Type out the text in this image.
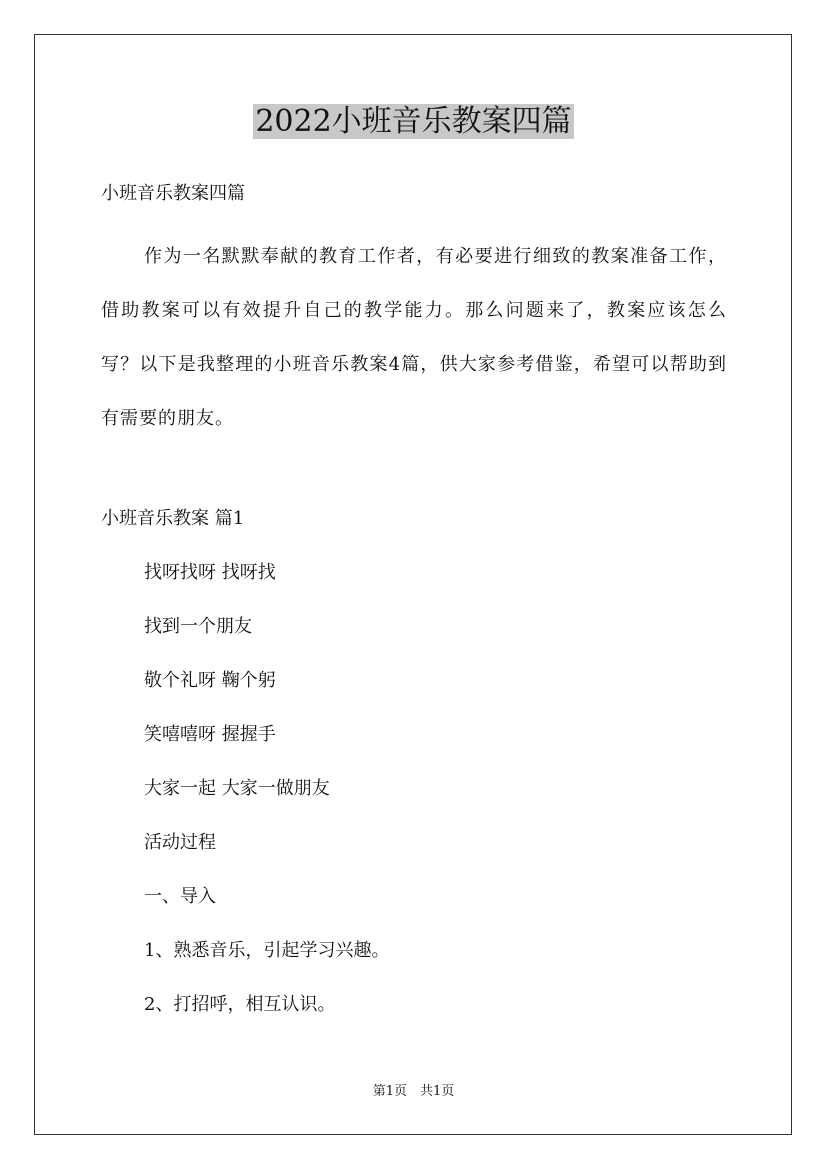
2022小班音乐教案四篇
小班音乐教案四篇
作为一名默默奉献的教育工作者，有必要进行细致的教案准备工作，借助教案可以有效提升自己的教学能力。那么问题来了，教案应该怎么写？以下是我整理的小班音乐教案4篇，供大家参考借鉴，希望可以帮助到有需要的朋友。
小班音乐教案 篇1
找呀找呀 找呀找
找到一个朋友
敬个礼呀 鞠个躬
笑嘻嘻呀 握握手
大家一起 大家一做朋友
活动过程
一、导入
1、熟悉音乐，引起学习兴趣。
2、打招呼，相互认识。
第1页　共1页
